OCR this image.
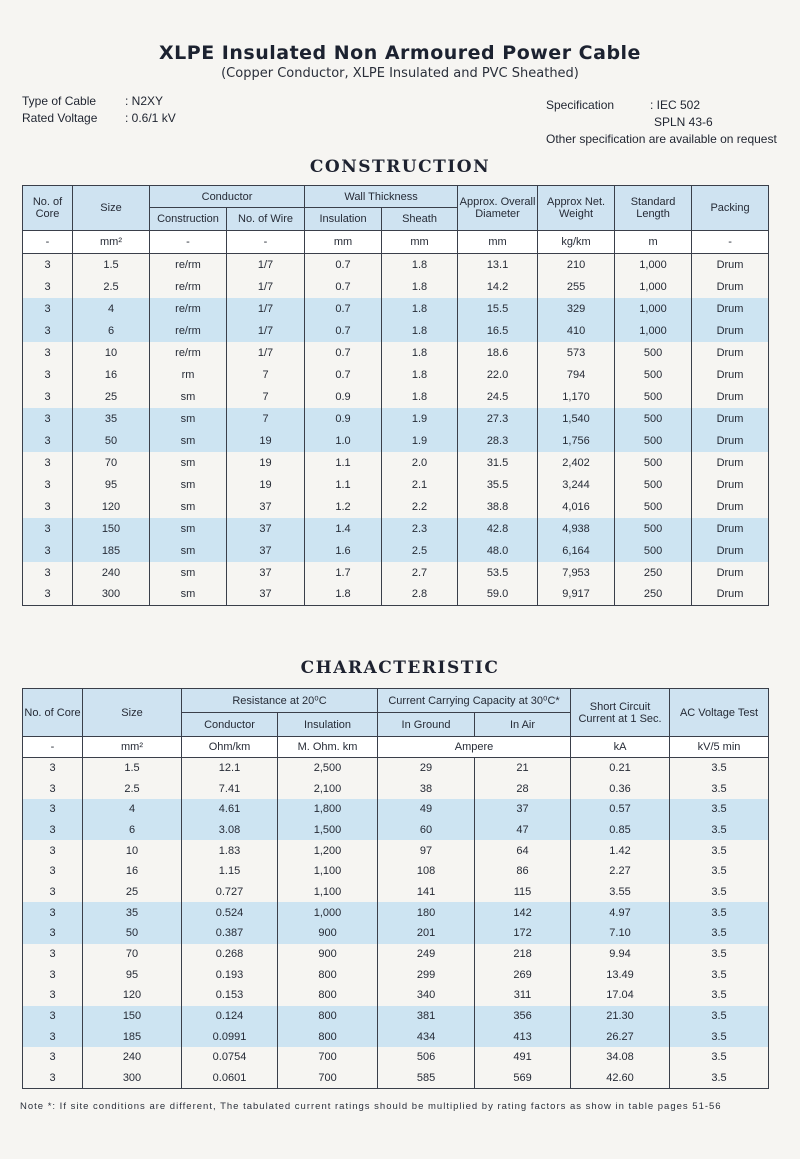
XLPE Insulated Non Armoured Power Cable
(Copper Conductor, XLPE Insulated and PVC Sheathed)
Type of Cable	: N2XY
Rated Voltage	: 0.6/1 kV
Specification	: IEC 502
SPLN 43-6
Other specification are available on request
CONSTRUCTION
No. of Core	Size	Conductor		Wall Thickness		Approx. Overall Diameter	Approx Net. Weight	Standard Length	Packing
		Construction	No. of Wire	Insulation	Sheath				
-	mm²	-	-	mm	mm	mm	kg/km	m	-
3	1.5	re/rm	1/7	0.7	1.8	13.1	210	1,000	Drum
3	2.5	re/rm	1/7	0.7	1.8	14.2	255	1,000	Drum
3	4	re/rm	1/7	0.7	1.8	15.5	329	1,000	Drum
3	6	re/rm	1/7	0.7	1.8	16.5	410	1,000	Drum
3	10	re/rm	1/7	0.7	1.8	18.6	573	500	Drum
3	16	rm	7	0.7	1.8	22.0	794	500	Drum
3	25	sm	7	0.9	1.8	24.5	1,170	500	Drum
3	35	sm	7	0.9	1.9	27.3	1,540	500	Drum
3	50	sm	19	1.0	1.9	28.3	1,756	500	Drum
3	70	sm	19	1.1	2.0	31.5	2,402	500	Drum
3	95	sm	19	1.1	2.1	35.5	3,244	500	Drum
3	120	sm	37	1.2	2.2	38.8	4,016	500	Drum
3	150	sm	37	1.4	2.3	42.8	4,938	500	Drum
3	185	sm	37	1.6	2.5	48.0	6,164	500	Drum
3	240	sm	37	1.7	2.7	53.5	7,953	250	Drum
3	300	sm	37	1.8	2.8	59.0	9,917	250	Drum
CHARACTERISTIC
No. of Core	Size	Resistance at 20⁰C		Current Carrying Capacity at 30⁰C*		Short Circuit Current at 1 Sec.	AC Voltage Test
		Conductor	Insulation	In Ground	In Air		
-	mm²	Ohm/km	M. Ohm. km	Ampere		kA	kV/5 min
3	1.5	12.1	2,500	29	21	0.21	3.5
3	2.5	7.41	2,100	38	28	0.36	3.5
3	4	4.61	1,800	49	37	0.57	3.5
3	6	3.08	1,500	60	47	0.85	3.5
3	10	1.83	1,200	97	64	1.42	3.5
3	16	1.15	1,100	108	86	2.27	3.5
3	25	0.727	1,100	141	115	3.55	3.5
3	35	0.524	1,000	180	142	4.97	3.5
3	50	0.387	900	201	172	7.10	3.5
3	70	0.268	900	249	218	9.94	3.5
3	95	0.193	800	299	269	13.49	3.5
3	120	0.153	800	340	311	17.04	3.5
3	150	0.124	800	381	356	21.30	3.5
3	185	0.0991	800	434	413	26.27	3.5
3	240	0.0754	700	506	491	34.08	3.5
3	300	0.0601	700	585	569	42.60	3.5
Note *: If site conditions are different, The tabulated current ratings should be multiplied by rating factors as show in table pages 51-56
